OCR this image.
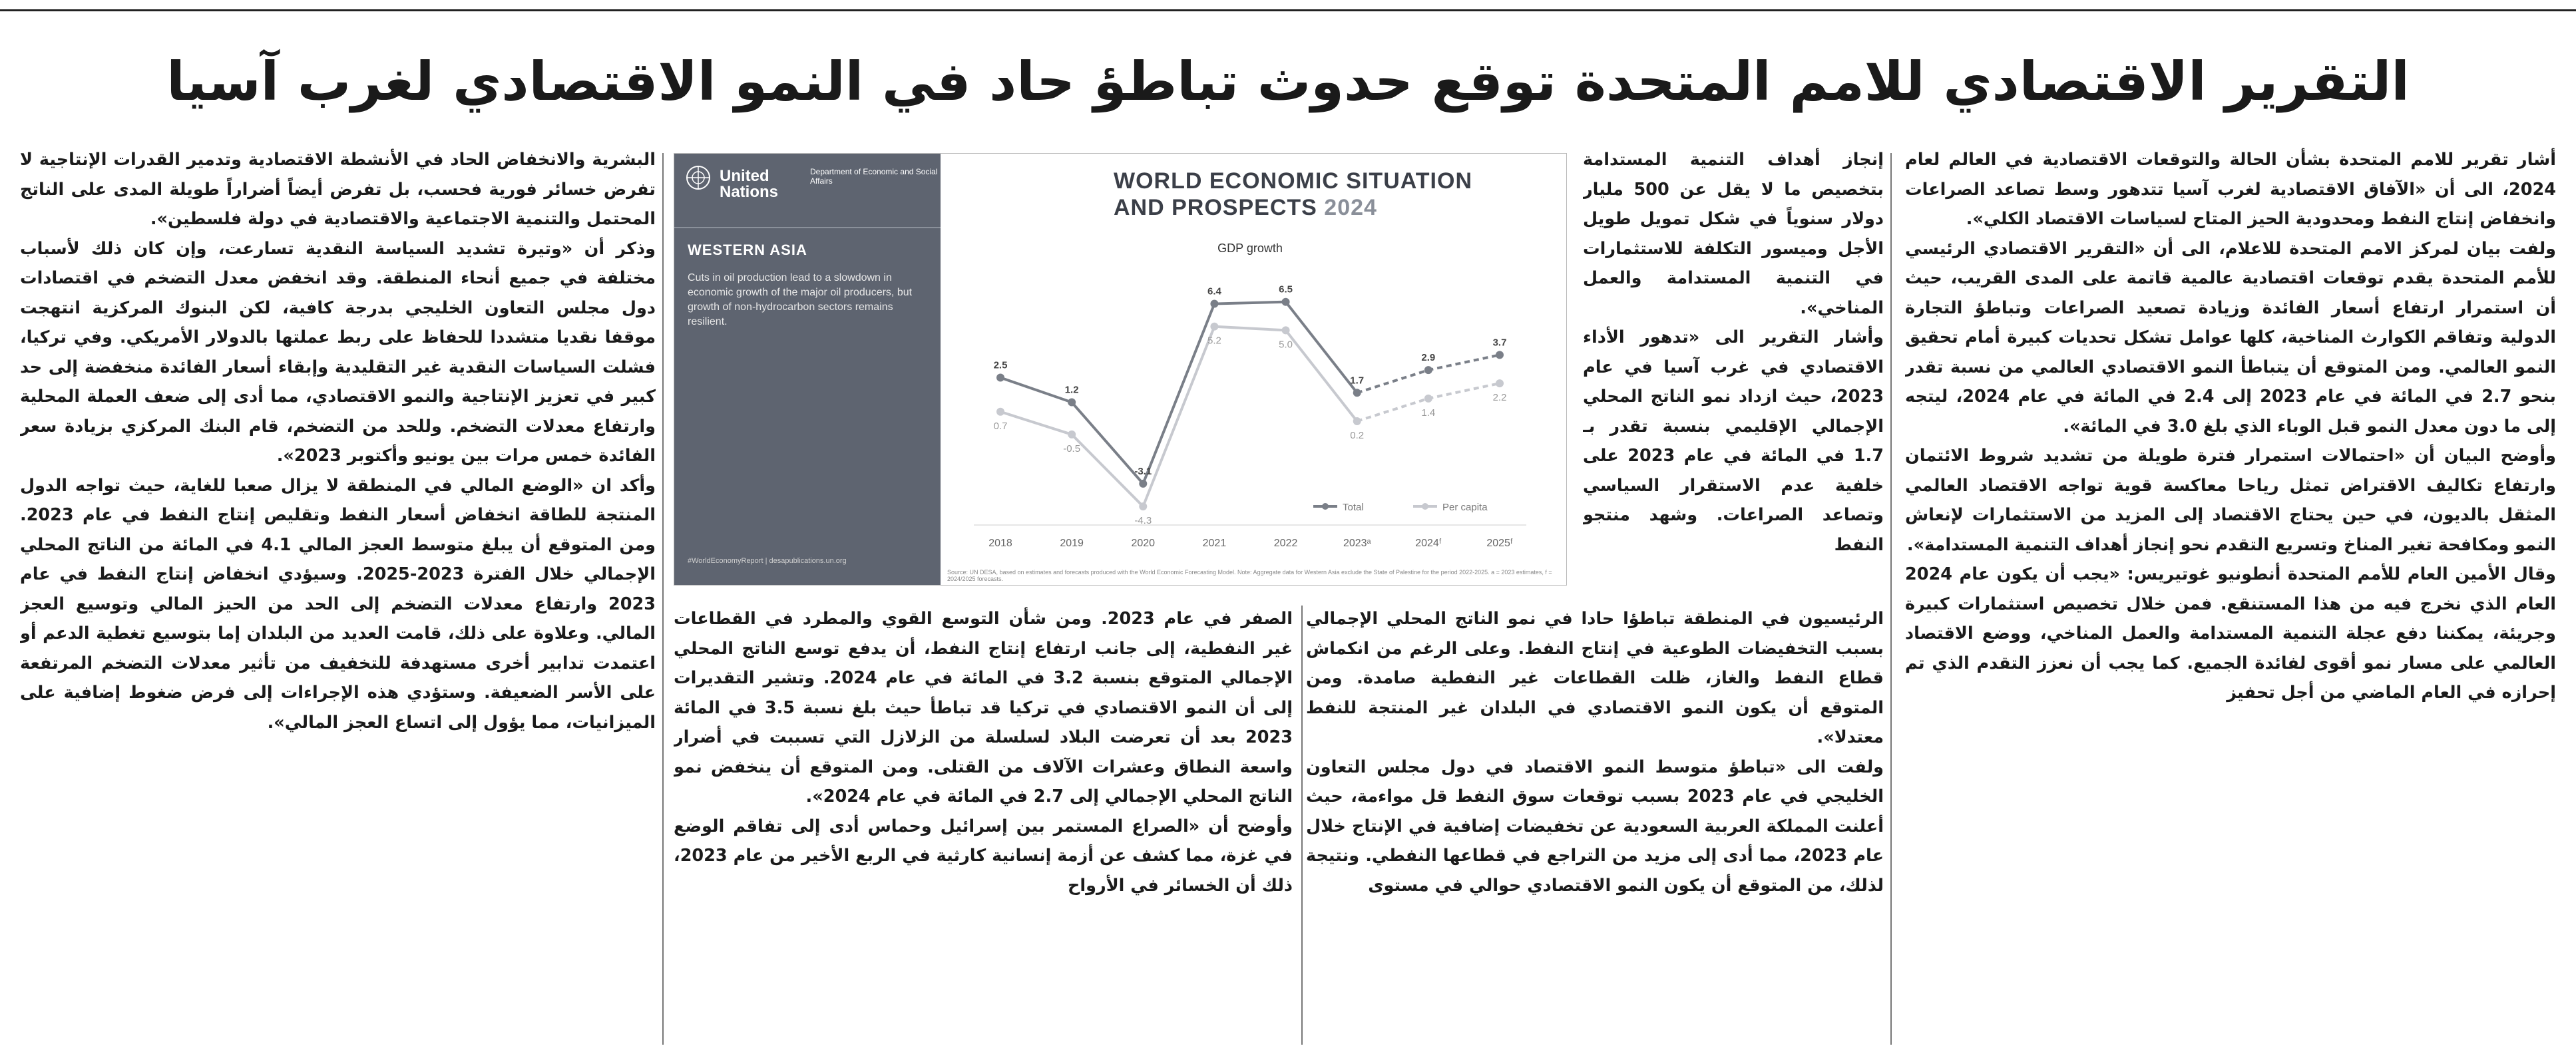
التقرير الاقتصادي للامم المتحدة توقع حدوث تباطؤ حاد في النمو الاقتصادي لغرب آسيا

أشار تقرير للامم المتحدة بشأن الحالة والتوقعات الاقتصادية في العالم لعام 2024، الى أن «الآفاق الاقتصادية لغرب آسيا تتدهور وسط تصاعد الصراعات وانخفاض إنتاج النفط ومحدودية الحيز المتاح لسياسات الاقتصاد الكلي».

ولفت بيان لمركز الامم المتحدة للاعلام، الى أن «التقرير الاقتصادي الرئيسي للأمم المتحدة يقدم توقعات اقتصادية عالمية قاتمة على المدى القريب، حيث أن استمرار ارتفاع أسعار الفائدة وزيادة تصعيد الصراعات وتباطؤ التجارة الدولية وتفاقم الكوارث المناخية، كلها عوامل تشكل تحديات كبيرة أمام تحقيق النمو العالمي. ومن المتوقع أن يتباطأ النمو الاقتصادي العالمي من نسبة تقدر بنحو 2.7 في المائة في عام 2023 إلى 2.4 في المائة في عام 2024، ليتجه إلى ما دون معدل النمو قبل الوباء الذي بلغ 3.0 في المائة».

وأوضح البيان أن «احتمالات استمرار فترة طويلة من تشديد شروط الائتمان وارتفاع تكاليف الاقتراض تمثل رياحا معاكسة قوية تواجه الاقتصاد العالمي المثقل بالديون، في حين يحتاج الاقتصاد إلى المزيد من الاستثمارات لإنعاش النمو ومكافحة تغير المناخ وتسريع التقدم نحو إنجاز أهداف التنمية المستدامة».

وقال الأمين العام للأمم المتحدة أنطونيو غوتيريس: «يجب أن يكون عام 2024 العام الذي نخرج فيه من هذا المستنقع. فمن خلال تخصيص استثمارات كبيرة وجريئة، يمكننا دفع عجلة التنمية المستدامة والعمل المناخي، ووضع الاقتصاد العالمي على مسار نمو أقوى لفائدة الجميع. كما يجب أن نعزز التقدم الذي تم إحرازه في العام الماضي من أجل تحفيز

إنجاز أهداف التنمية المستدامة بتخصيص ما لا يقل عن 500 مليار دولار سنوياً في شكل تمويل طويل الأجل وميسور التكلفة للاستثمارات في التنمية المستدامة والعمل المناخي».

وأشار التقرير الى «تدهور الأداء الاقتصادي في غرب آسيا في عام 2023، حيث ازداد نمو الناتج المحلي الإجمالي الإقليمي بنسبة تقدر بـ 1.7 في المائة في عام 2023 على خلفية عدم الاستقرار السياسي وتصاعد الصراعات. وشهد منتجو النفط

الرئيسيون في المنطقة تباطؤا حادا في نمو الناتج المحلي الإجمالي بسبب التخفيضات الطوعية في إنتاج النفط. وعلى الرغم من انكماش قطاع النفط والغاز، ظلت القطاعات غير النفطية صامدة. ومن المتوقع أن يكون النمو الاقتصادي في البلدان غير المنتجة للنفط معتدلا».

ولفت الى «تباطؤ متوسط النمو الاقتصاد في دول مجلس التعاون الخليجي في عام 2023 بسبب توقعات سوق النفط قل مواءمة، حيث أعلنت المملكة العربية السعودية عن تخفيضات إضافية في الإنتاج خلال عام 2023، مما أدى إلى مزيد من التراجع في قطاعها النفطي. ونتيجة لذلك، من المتوقع أن يكون النمو الاقتصادي حوالي في مستوى

الصفر في عام 2023. ومن شأن التوسع القوي والمطرد في القطاعات غير النفطية، إلى جانب ارتفاع إنتاج النفط، أن يدفع توسع الناتج المحلي الإجمالي المتوقع بنسبة 3.2 في المائة في عام 2024. وتشير التقديرات إلى أن النمو الاقتصادي في تركيا قد تباطأ حيث بلغ نسبة 3.5 في المائة 2023 بعد أن تعرضت البلاد لسلسلة من الزلازل التي تسببت في أضرار واسعة النطاق وعشرات الآلاف من القتلى. ومن المتوقع أن ينخفض نمو الناتج المحلي الإجمالي إلى 2.7 في المائة في عام 2024».

وأوضح أن «الصراع المستمر بين إسرائيل وحماس أدى إلى تفاقم الوضع في غزة، مما كشف عن أزمة إنسانية كارثية في الربع الأخير من عام 2023، ذلك أن الخسائر في الأرواح

البشرية والانخفاض الحاد في الأنشطة الاقتصادية وتدمير القدرات الإنتاجية لا تفرض خسائر فورية فحسب، بل تفرض أيضاً أضراراً طويلة المدى على الناتج المحتمل والتنمية الاجتماعية والاقتصادية في دولة فلسطين».

وذكر أن «وتيرة تشديد السياسة النقدية تسارعت، وإن كان ذلك لأسباب مختلفة في جميع أنحاء المنطقة. وقد انخفض معدل التضخم في اقتصادات دول مجلس التعاون الخليجي بدرجة كافية، لكن البنوك المركزية انتهجت موقفا نقديا متشددا للحفاظ على ربط عملتها بالدولار الأمريكي. وفي تركيا، فشلت السياسات النقدية غير التقليدية وإبقاء أسعار الفائدة منخفضة إلى حد كبير في تعزيز الإنتاجية والنمو الاقتصادي، مما أدى إلى ضعف العملة المحلية وارتفاع معدلات التضخم. وللحد من التضخم، قام البنك المركزي بزيادة سعر الفائدة خمس مرات بين يونيو وأكتوبر 2023».

وأكد ان «الوضع المالي في المنطقة لا يزال صعبا للغاية، حيث تواجه الدول المنتجة للطاقة انخفاض أسعار النفط وتقليص إنتاج النفط في عام 2023. ومن المتوقع أن يبلغ متوسط العجز المالي 4.1 في المائة من الناتج المحلي الإجمالي خلال الفترة 2023-2025. وسيؤدي انخفاض إنتاج النفط في عام 2023 وارتفاع معدلات التضخم إلى الحد من الحيز المالي وتوسيع العجز المالي. وعلاوة على ذلك، قامت العديد من البلدان إما بتوسيع تغطية الدعم أو اعتمدت تدابير أخرى مستهدفة للتخفيف من تأثير معدلات التضخم المرتفعة على الأسر الضعيفة. وستؤدي هذه الإجراءات إلى فرض ضغوط إضافية على الميزانيات، مما يؤول إلى اتساع العجز المالي».

United
Nations
Department of Economic and Social Affairs
WESTERN ASIA
Cuts in oil production lead to a slowdown in economic growth of the major oil producers, but growth of non-hydrocarbon sectors remains resilient.
#WorldEconomyReport | desapublications.un.org
WORLD ECONOMIC SITUATION
AND PROSPECTS 2024
GDP growth
2018	2019	2020	2021	2022	2023ᵃ	2024ᶠ	2025ᶠ
2.5
1.2
-3.1
6.4	6.5
1.7
2.9
3.7
0.7
-0.5
-4.3
5.2	5.0
0.2
1.4
2.2
Total	Per capita
Source: UN DESA, based on estimates and forecasts produced with the World Economic Forecasting Model. Note: Aggregate data for Western Asia exclude the State of Palestine for the period 2022-2025. a = 2023 estimates, f = 2024/2025 forecasts.
